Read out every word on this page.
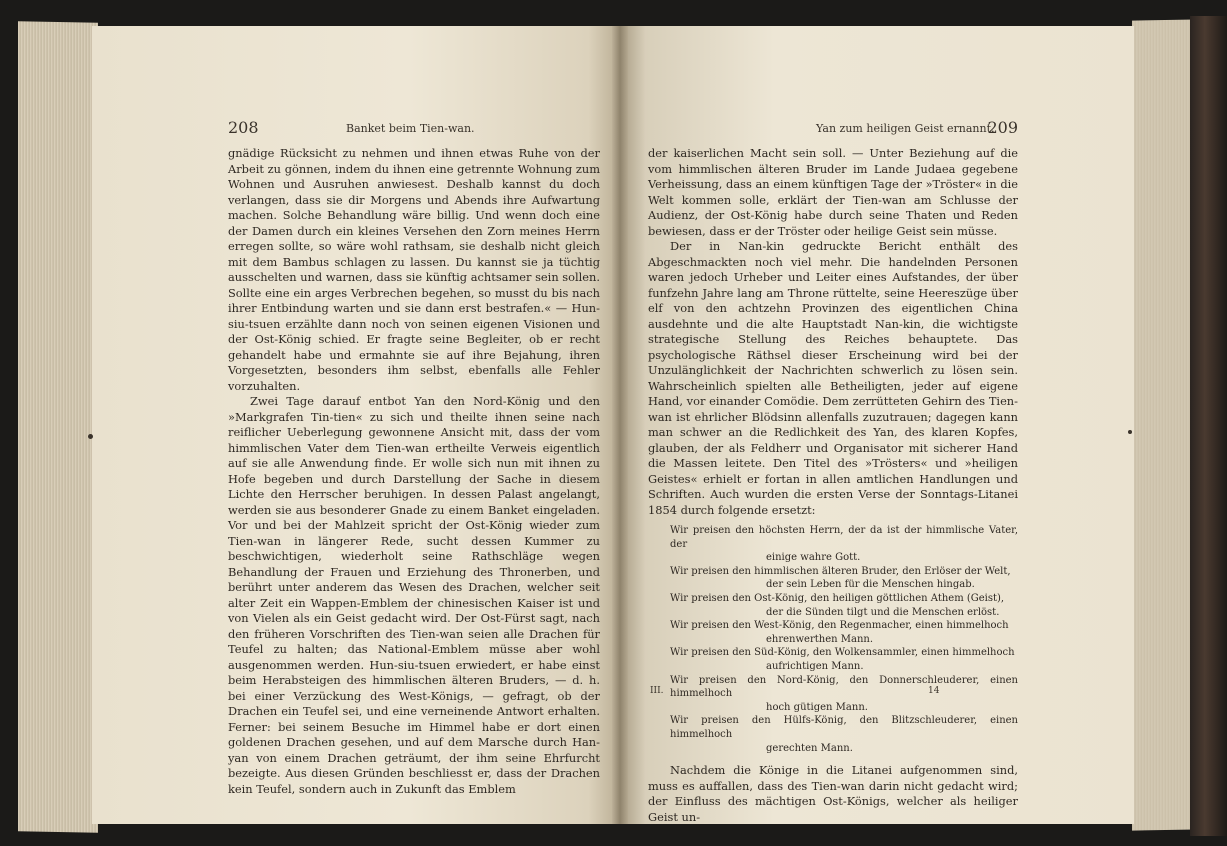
208	Banket beim Tien-wan.

gnädige Rücksicht zu nehmen und ihnen etwas Ruhe von der Arbeit zu gönnen, indem du ihnen eine getrennte Wohnung zum Wohnen und Ausruhen anwiesest. Deshalb kannst du doch verlangen, dass sie dir Morgens und Abends ihre Aufwartung machen. Solche Behandlung wäre billig. Und wenn doch eine der Damen durch ein kleines Versehen den Zorn meines Herrn erregen sollte, so wäre wohl rathsam, sie deshalb nicht gleich mit dem Bambus schlagen zu lassen. Du kannst sie ja tüchtig ausschelten und warnen, dass sie künftig achtsamer sein sollen. Sollte eine ein arges Verbrechen begehen, so musst du bis nach ihrer Entbindung warten und sie dann erst bestrafen.« — Hun-siu-tsuen erzählte dann noch von seinen eigenen Visionen und der Ost-König schied. Er fragte seine Begleiter, ob er recht gehandelt habe und ermahnte sie auf ihre Bejahung, ihren Vorgesetzten, besonders ihm selbst, ebenfalls alle Fehler vorzuhalten.

Zwei Tage darauf entbot Yan den Nord-König und den »Markgrafen Tin-tien« zu sich und theilte ihnen seine nach reiflicher Ueberlegung gewonnene Ansicht mit, dass der vom himmlischen Vater dem Tien-wan ertheilte Verweis eigentlich auf sie alle Anwendung finde. Er wolle sich nun mit ihnen zu Hofe begeben und durch Darstellung der Sache in diesem Lichte den Herrscher beruhigen. In dessen Palast angelangt, werden sie aus besonderer Gnade zu einem Banket eingeladen. Vor und bei der Mahlzeit spricht der Ost-König wieder zum Tien-wan in längerer Rede, sucht dessen Kummer zu beschwichtigen, wiederholt seine Rathschläge wegen Behandlung der Frauen und Erziehung des Thronerben, und berührt unter anderem das Wesen des Drachen, welcher seit alter Zeit ein Wappen-Emblem der chinesischen Kaiser ist und von Vielen als ein Geist gedacht wird. Der Ost-Fürst sagt, nach den früheren Vorschriften des Tien-wan seien alle Drachen für Teufel zu halten; das National-Emblem müsse aber wohl ausgenommen werden. Hun-siu-tsuen erwiedert, er habe einst beim Herabsteigen des himmlischen älteren Bruders, — d. h. bei einer Verzückung des West-Königs, — gefragt, ob der Drachen ein Teufel sei, und eine verneinende Antwort erhalten. Ferner: bei seinem Besuche im Himmel habe er dort einen goldenen Drachen gesehen, und auf dem Marsche durch Han-yan von einem Drachen geträumt, der ihm seine Ehrfurcht bezeigte. Aus diesen Gründen beschliesst er, dass der Drachen kein Teufel, sondern auch in Zukunft das Emblem

Yan zum heiligen Geist ernannt.
209

der kaiserlichen Macht sein soll. — Unter Beziehung auf die vom himmlischen älteren Bruder im Lande Judaea gegebene Verheissung, dass an einem künftigen Tage der »Tröster« in die Welt kommen solle, erklärt der Tien-wan am Schlusse der Audienz, der Ost-König habe durch seine Thaten und Reden bewiesen, dass er der Tröster oder heilige Geist sein müsse.

Der in Nan-kin gedruckte Bericht enthält des Abgeschmackten noch viel mehr. Die handelnden Personen waren jedoch Urheber und Leiter eines Aufstandes, der über funfzehn Jahre lang am Throne rüttelte, seine Heereszüge über elf von den achtzehn Provinzen des eigentlichen China ausdehnte und die alte Hauptstadt Nan-kin, die wichtigste strategische Stellung des Reiches behauptete. Das psychologische Räthsel dieser Erscheinung wird bei der Unzulänglichkeit der Nachrichten schwerlich zu lösen sein. Wahrscheinlich spielten alle Betheiligten, jeder auf eigene Hand, vor einander Comödie. Dem zerrütteten Gehirn des Tien-wan ist ehrlicher Blödsinn allenfalls zuzutrauen; dagegen kann man schwer an die Redlichkeit des Yan, des klaren Kopfes, glauben, der als Feldherr und Organisator mit sicherer Hand die Massen leitete. Den Titel des »Trösters« und »heiligen Geistes« erhielt er fortan in allen amtlichen Handlungen und Schriften. Auch wurden die ersten Verse der Sonntags-Litanei 1854 durch folgende ersetzt:

Wir preisen den höchsten Herrn, der da ist der himmlische Vater, der
einige wahre Gott.
Wir preisen den himmlischen älteren Bruder, den Erlöser der Welt,
der sein Leben für die Menschen hingab.
Wir preisen den Ost-König, den heiligen göttlichen Athem (Geist),
der die Sünden tilgt und die Menschen erlöst.
Wir preisen den West-König, den Regenmacher, einen himmelhoch
ehrenwerthen Mann.
Wir preisen den Süd-König, den Wolkensammler, einen himmelhoch
aufrichtigen Mann.
Wir preisen den Nord-König, den Donnerschleuderer, einen himmelhoch
hoch gütigen Mann.
Wir preisen den Hülfs-König, den Blitzschleuderer, einen himmelhoch
gerechten Mann.

Nachdem die Könige in die Litanei aufgenommen sind, muss es auffallen, dass des Tien-wan darin nicht gedacht wird; der Einfluss des mächtigen Ost-Königs, welcher als heiliger Geist un-

III.	14
